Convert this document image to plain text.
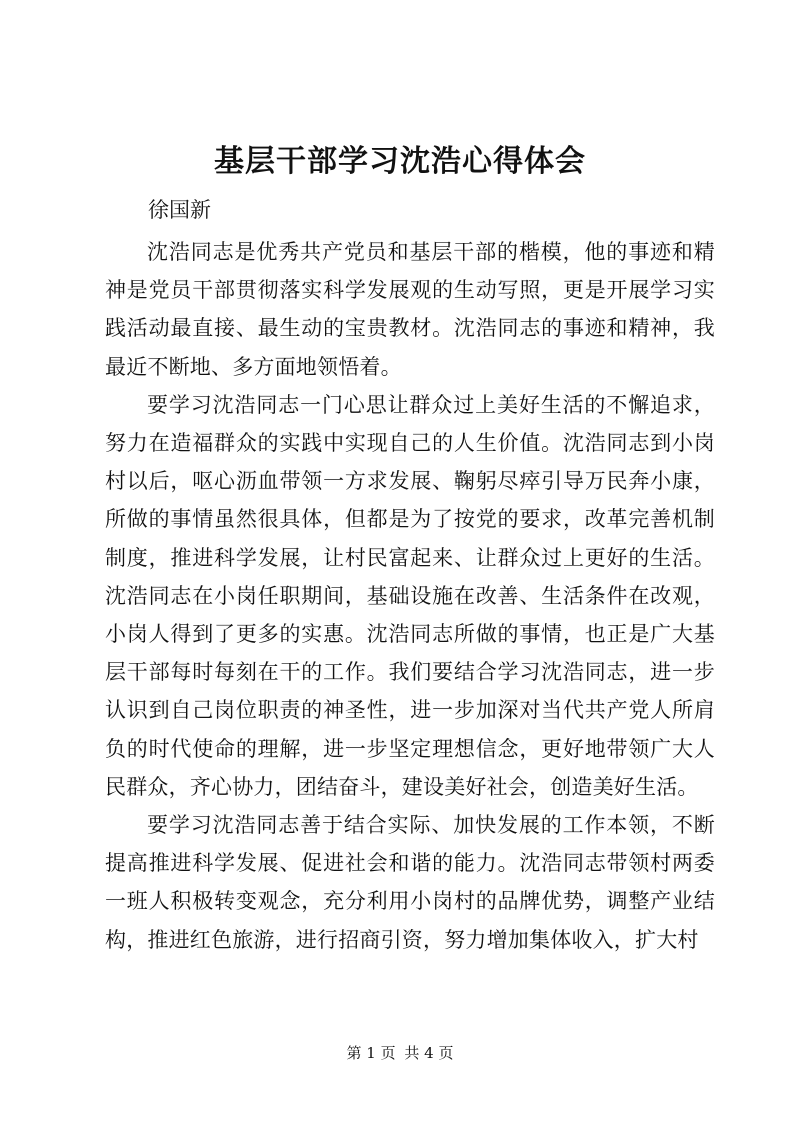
基层干部学习沈浩心得体会
徐国新

沈浩同志是优秀共产党员和基层干部的楷模，他的事迹和精神是党员干部贯彻落实科学发展观的生动写照，更是开展学习实践活动最直接、最生动的宝贵教材。沈浩同志的事迹和精神，我最近不断地、多方面地领悟着。

要学习沈浩同志一门心思让群众过上美好生活的不懈追求，努力在造福群众的实践中实现自己的人生价值。沈浩同志到小岗村以后，呕心沥血带领一方求发展、鞠躬尽瘁引导万民奔小康，所做的事情虽然很具体，但都是为了按党的要求，改革完善机制制度，推进科学发展，让村民富起来、让群众过上更好的生活。沈浩同志在小岗任职期间，基础设施在改善、生活条件在改观，小岗人得到了更多的实惠。沈浩同志所做的事情，也正是广大基层干部每时每刻在干的工作。我们要结合学习沈浩同志，进一步认识到自己岗位职责的神圣性，进一步加深对当代共产党人所肩负的时代使命的理解，进一步坚定理想信念，更好地带领广大人民群众，齐心协力，团结奋斗，建设美好社会，创造美好生活。

要学习沈浩同志善于结合实际、加快发展的工作本领，不断提高推进科学发展、促进社会和谐的能力。沈浩同志带领村两委一班人积极转变观念，充分利用小岗村的品牌优势，调整产业结构，推进红色旅游，进行招商引资，努力增加集体收入，扩大村

第 1 页 共 4 页
